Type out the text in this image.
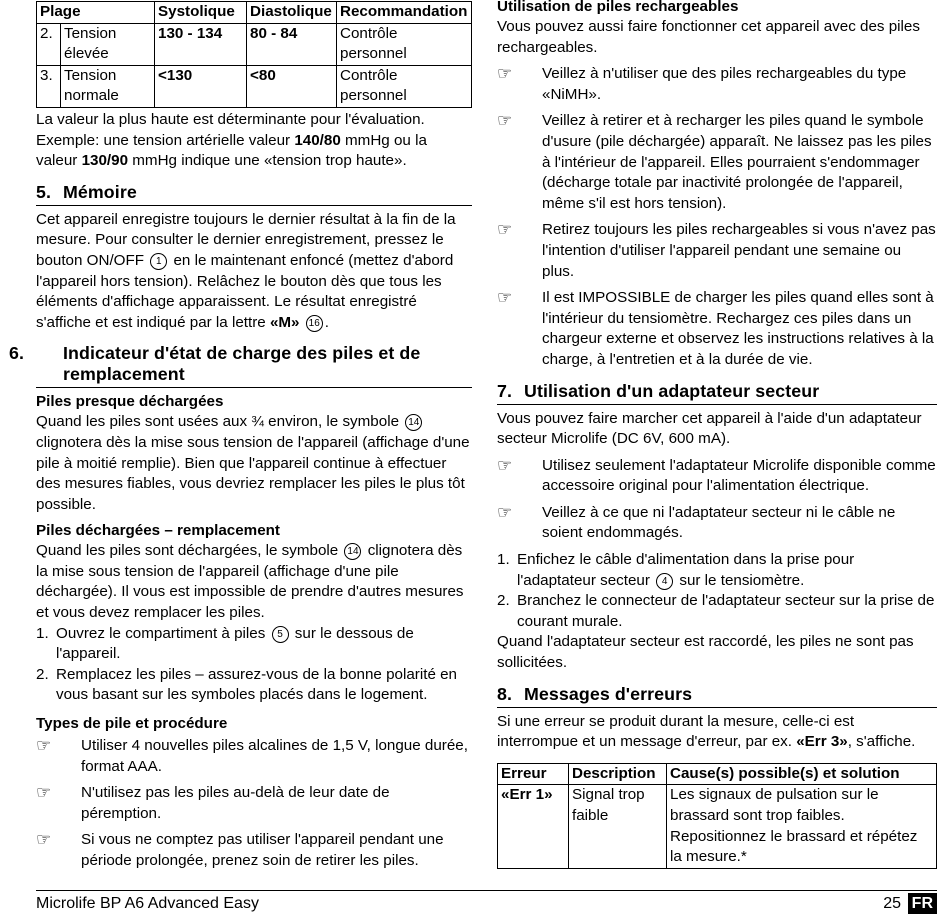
Plage	Systolique	Diastolique	Recommandation

2. Tension élevée	130 - 134	80 - 84	Contrôle personnel

3. Tension normale	<130	<80	Contrôle personnel

La valeur la plus haute est déterminante pour l'évaluation.
Exemple: une tension artérielle valeur 140/80 mmHg ou la valeur 130/90 mmHg indique une «tension trop haute».

5. Mémoire

Cet appareil enregistre toujours le dernier résultat à la fin de la mesure. Pour consulter le dernier enregistrement, pressez le bouton ON/OFF 1 en le maintenant enfoncé (mettez d'abord l'appareil hors tension). Relâchez le bouton dès que tous les éléments d'affichage apparaissent. Le résultat enregistré s'affiche et est indiqué par la lettre «M» 16 .

6. Indicateur d'état de charge des piles et de remplacement
Piles presque déchargées

Quand les piles sont usées aux ¾ environ, le symbole 14 clignotera dès la mise sous tension de l'appareil (affichage d'une pile à moitié remplie). Bien que l'appareil continue à effectuer des mesures fiables, vous devriez remplacer les piles le plus tôt possible.

Piles déchargées – remplacement

Quand les piles sont déchargées, le symbole 14 clignotera dès la mise sous tension de l'appareil (affichage d'une pile déchargée). Il vous est impossible de prendre d'autres mesures et vous devez remplacer les piles.

1. Ouvrez le compartiment à piles 5 sur le dessous de l'appareil.
2. Remplacez les piles – assurez-vous de la bonne polarité en vous basant sur les symboles placés dans le logement.
Types de pile et procédure
☞	Utiliser 4 nouvelles piles alcalines de 1,5 V, longue durée, format AAA.
☞	N'utilisez pas les piles au-delà de leur date de péremption.
☞	Si vous ne comptez pas utiliser l'appareil pendant une période prolongée, prenez soin de retirer les piles.
Utilisation de piles rechargeables

Vous pouvez aussi faire fonctionner cet appareil avec des piles rechargeables.

☞	Veillez à n'utiliser que des piles rechargeables du type «NiMH».
☞	Veillez à retirer et à recharger les piles quand le symbole d'usure (pile déchargée) apparaît. Ne laissez pas les piles à l'intérieur de l'appareil. Elles pourraient s'endommager (décharge totale par inactivité prolongée de l'appareil, même s'il est hors tension).
☞	Retirez toujours les piles rechargeables si vous n'avez pas l'intention d'utiliser l'appareil pendant une semaine ou plus.
☞	Il est IMPOSSIBLE de charger les piles quand elles sont à l'intérieur du tensiomètre. Rechargez ces piles dans un chargeur externe et observez les instructions relatives à la charge, à l'entretien et à la durée de vie.
7. Utilisation d'un adaptateur secteur

Vous pouvez faire marcher cet appareil à l'aide d'un adaptateur secteur Microlife (DC 6V, 600 mA).

☞	Utilisez seulement l'adaptateur Microlife disponible comme accessoire original pour l'alimentation électrique.
☞	Veillez à ce que ni l'adaptateur secteur ni le câble ne soient endommagés.
1. Enfichez le câble d'alimentation dans la prise pour l'adaptateur secteur 4 sur le tensiomètre.
2. Branchez le connecteur de l'adaptateur secteur sur la prise de courant murale.

Quand l'adaptateur secteur est raccordé, les piles ne sont pas sollicitées.

8. Messages d'erreurs

Si une erreur se produit durant la mesure, celle-ci est interrompue et un message d'erreur, par ex. «Err 3», s'affiche.

Erreur	Description	Cause(s) possible(s) et solution
«Err 1»	Signal trop faible	Les signaux de pulsation sur le brassard sont trop faibles. Repositionnez le brassard et répétez la mesure.*
Microlife BP A6 Advanced Easy	25 FR
